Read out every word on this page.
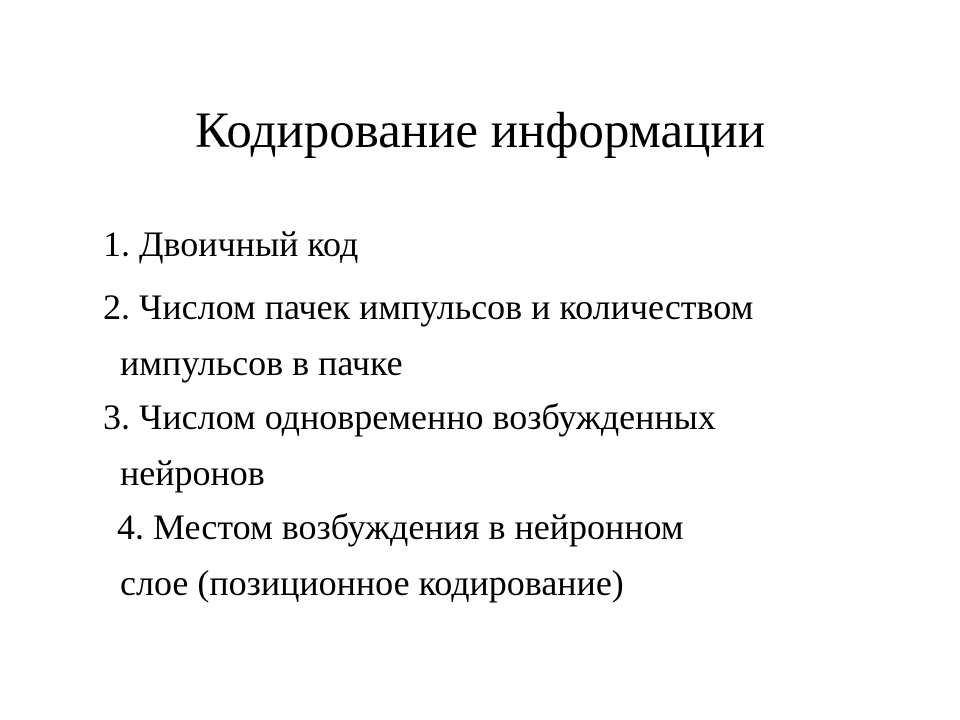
Кодирование информации
1. Двоичный код
2. Числом пачек импульсов и количеством
импульсов в пачке
3. Числом одновременно возбужденных
нейронов
4. Местом возбуждения в нейронном
слое (позиционное кодирование)
